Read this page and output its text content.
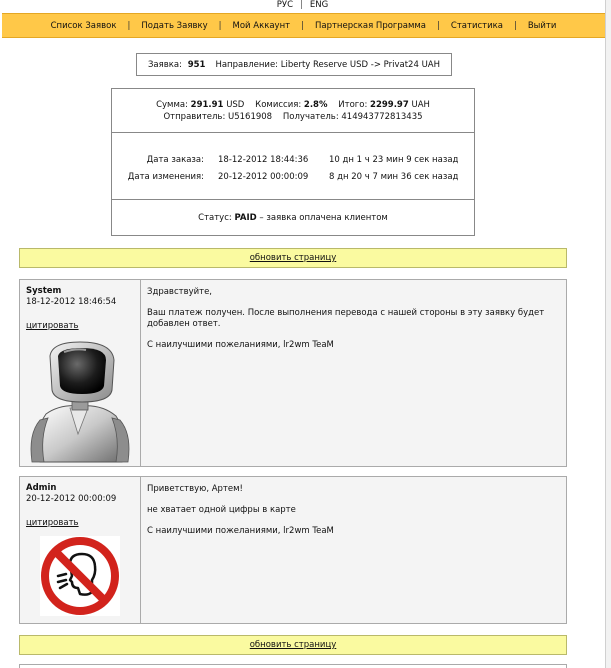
РУС | ENG
Список Заявок | Подать Заявку | Мой Аккаунт | Партнерская Программа | Статистика | Выйти
Заявка:
951 Направление:
Liberty Reserve USD -> Privat24 UAH
Сумма: 291.91 USD Комиссия: 2.8% Итого: 2299.97 UAH
Отправитель: U5161908 Получатель: 414943772813435
Дата заказа: 18-12-2012 18:44:36 10 дн 1 ч 23 мин 9 сек назад
Дата изменения: 20-12-2012 00:00:09 8 дн 20 ч 7 мин 36 сек назад
Статус:
PAID
– заявка оплачена клиентом
обновить страницу
System
18-12-2012 18:46:54
цитировать

Здравствуйте,

Ваш платеж получен. После выполнения перевода с нашей стороны в эту заявку будет добавлен ответ.

С наилучшими пожеланиями, lr2wm TeaM

Admin
20-12-2012 00:00:09
цитировать

Приветствую, Артем!

не хватает одной цифры в карте

С наилучшими пожеланиями, lr2wm TeaM

обновить страницу
